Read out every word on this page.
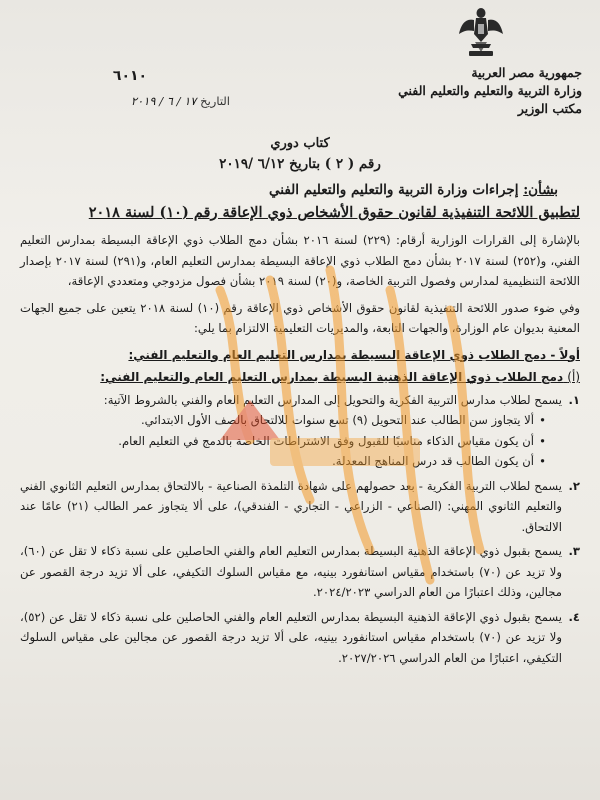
جمهورية مصر العربية
وزارة التربية والتعليم والتعليم الفني
مكتب الوزير
٦٠١٠
التاريخ ١٧ / ٦ / ٢٠١٩
كتاب دوري
رقم ( ٢ ) بتاريخ ٦/١٢ /٢٠١٩
بشأن: إجراءات وزارة التربية والتعليم والتعليم الفني
لتطبيق اللائحة التنفيذية لقانون حقوق الأشخاص ذوي الإعاقة رقم (١٠) لسنة ٢٠١٨

بالإشارة إلى القرارات الوزارية أرقام: (٢٢٩) لسنة ٢٠١٦ بشأن دمج الطلاب ذوي الإعاقة البسيطة بمدارس التعليم الفني، و(٢٥٢) لسنة ٢٠١٧ بشأن دمج الطلاب ذوي الإعاقة البسيطة بمدارس التعليم العام، و(٢٩١) لسنة ٢٠١٧ بإصدار اللائحة التنظيمية لمدارس وفصول التربية الخاصة، و(٢٠) لسنة ٢٠١٩ بشأن فصول مزدوجي ومتعددي الإعاقة،

وفي ضوء صدور اللائحة التنفيذية لقانون حقوق الأشخاص ذوي الإعاقة رقم (١٠) لسنة ٢٠١٨ يتعين على جميع الجهات المعنية بديوان عام الوزارة، والجهات التابعة، والمديريات التعليمية الالتزام بما يلي:

أولاً - دمج الطلاب ذوي الإعاقة البسيطة بمدارس التعليم العام والتعليم الفني:
(أ) دمج الطلاب ذوي الإعاقة الذهنية البسيطة بمدارس التعليم العام والتعليم الفني:
١.
يسمح لطلاب مدارس التربية الفكرية والتحويل إلى المدارس التعليم العام والفني بالشروط الآتية:
• ألا يتجاوز سن الطالب عند التحويل (٩) تسع سنوات للالتحاق بالصف الأول الابتدائي.
• أن يكون مقياس الذكاء مناسبًا للقبول وفق الاشتراطات الخاصة بالدمج في التعليم العام.
• أن يكون الطالب قد درس المناهج المعدلة.
٢.
يسمح لطلاب التربية الفكرية - بعد حصولهم على شهادة التلمذة الصناعية - بالالتحاق بمدارس التعليم الثانوي الفني والتعليم الثانوي المهني: (الصناعي - الزراعي - التجاري - الفندقي)، على ألا يتجاوز عمر الطالب (٢١) عامًا عند الالتحاق.
٣.
يسمح بقبول ذوي الإعاقة الذهنية البسيطة بمدارس التعليم العام والفني الحاصلين على نسبة ذكاء لا تقل عن (٦٠)، ولا تزيد عن (٧٠) باستخدام مقياس استانفورد بينيه، مع مقياس السلوك التكيفي، على ألا تزيد درجة القصور عن مجالين، وذلك اعتبارًا من العام الدراسي ٢٠٢٤/٢٠٢٣.
٤.
يسمح بقبول ذوي الإعاقة الذهنية البسيطة بمدارس التعليم العام والفني الحاصلين على نسبة ذكاء لا تقل عن (٥٢)، ولا تزيد عن (٧٠) باستخدام مقياس استانفورد بينيه، على ألا تزيد درجة القصور عن مجالين على مقياس السلوك التكيفي، اعتبارًا من العام الدراسي ٢٠٢٧/٢٠٢٦.
